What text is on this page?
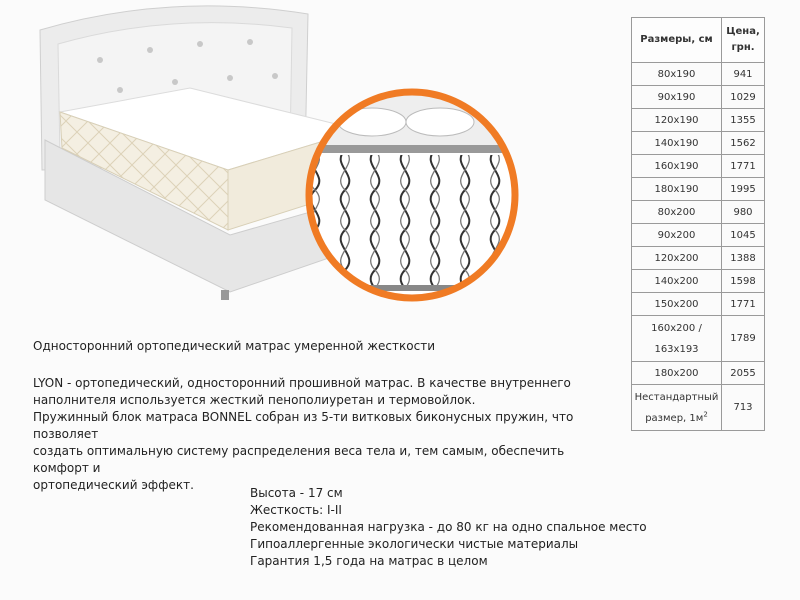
Размеры, см	Цена,
грн.
80x190	941
90x190	1029
120x190	1355
140x190	1562
160x190	1771
180x190	1995
80x200	980
90x200	1045
120x200	1388
140x200	1598
150x200	1771
160x200 /
163x193	1789
180x200	2055
Нестандартный
размер, $1м^2$	713
Односторонний ортопедический матрас умеренной жесткости

LYON - ортопедический, односторонний прошивной матрас. В качестве внутреннего

наполнителя используется жесткий пенополиуретан и термовойлок.

Пружинный блок матраса BONNEL собран из 5-ти витковых биконусных пружин, что позволяет

создать оптимальную систему распределения веса тела и, тем самым, обеспечить комфорт и

ортопедический эффект.

Высота - 17 см
Жесткость: I-II
Рекомендованная нагрузка - до 80 кг на одно спальное место
Гипоаллергенные экологически чистые материалы
Гарантия 1,5 года на матрас в целом
